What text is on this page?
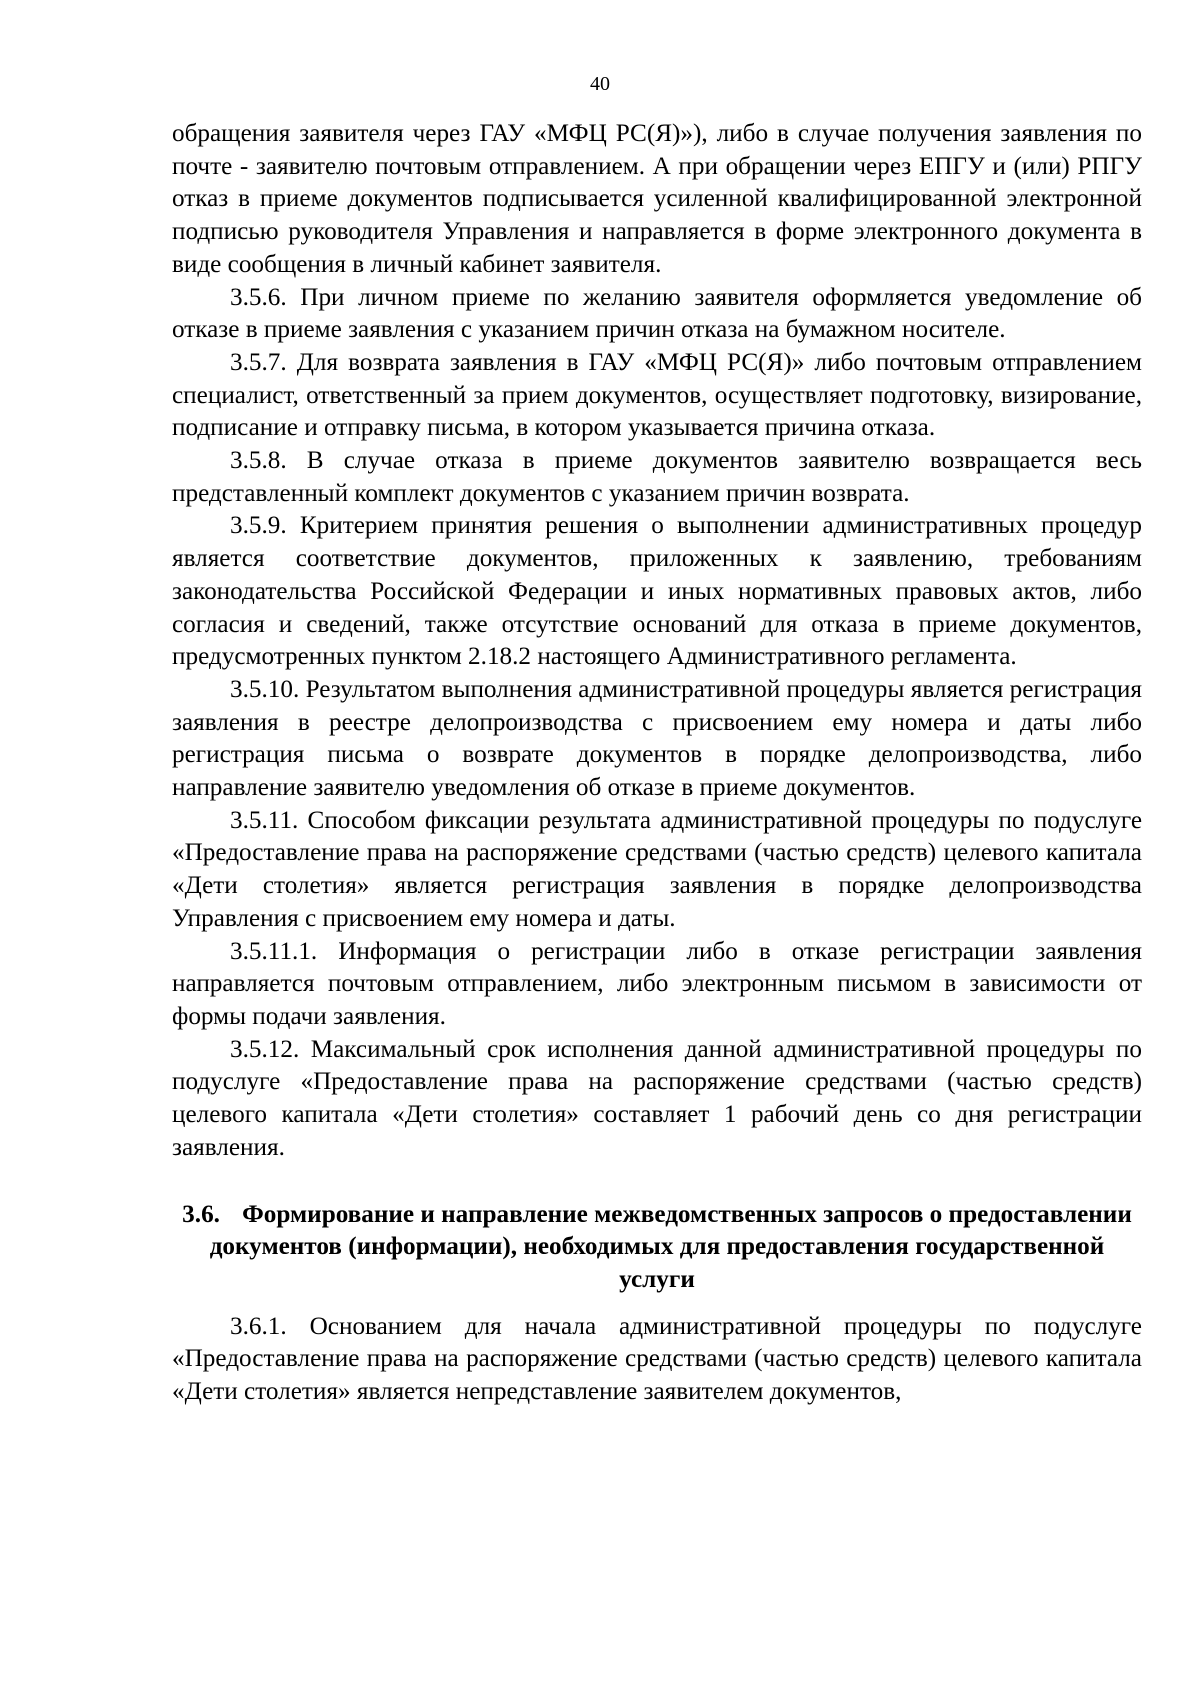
40

обращения заявителя через ГАУ «МФЦ РС(Я)»), либо в случае получения заявления по почте - заявителю почтовым отправлением. А при обращении через ЕПГУ и (или) РПГУ отказ в приеме документов подписывается усиленной квалифицированной электронной подписью руководителя Управления и направляется в форме электронного документа в виде сообщения в личный кабинет заявителя.

3.5.6. При личном приеме по желанию заявителя оформляется уведомление об отказе в приеме заявления с указанием причин отказа на бумажном носителе.

3.5.7. Для возврата заявления в ГАУ «МФЦ РС(Я)» либо почтовым отправлением специалист, ответственный за прием документов, осуществляет подготовку, визирование, подписание и отправку письма, в котором указывается причина отказа.

3.5.8. В случае отказа в приеме документов заявителю возвращается весь представленный комплект документов с указанием причин возврата.

3.5.9. Критерием принятия решения о выполнении административных процедур является соответствие документов, приложенных к заявлению, требованиям законодательства Российской Федерации и иных нормативных правовых актов, либо согласия и сведений, также отсутствие оснований для отказа в приеме документов, предусмотренных пунктом 2.18.2 настоящего Административного регламента.

3.5.10. Результатом выполнения административной процедуры является регистрация заявления в реестре делопроизводства с присвоением ему номера и даты либо регистрация письма о возврате документов в порядке делопроизводства, либо направление заявителю уведомления об отказе в приеме документов.

3.5.11. Способом фиксации результата административной процедуры по подуслуге «Предоставление права на распоряжение средствами (частью средств) целевого капитала «Дети столетия» является регистрация заявления в порядке делопроизводства Управления с присвоением ему номера и даты.

3.5.11.1. Информация о регистрации либо в отказе регистрации заявления направляется почтовым отправлением, либо электронным письмом в зависимости от формы подачи заявления.

3.5.12. Максимальный срок исполнения данной административной процедуры по подуслуге «Предоставление права на распоряжение средствами (частью средств) целевого капитала «Дети столетия» составляет 1 рабочий день со дня регистрации заявления.

3.6. Формирование и направление межведомственных запросов о предоставлении документов (информации), необходимых для предоставления государственной услуги

3.6.1. Основанием для начала административной процедуры по подуслуге «Предоставление права на распоряжение средствами (частью средств) целевого капитала «Дети столетия» является непредставление заявителем документов,
